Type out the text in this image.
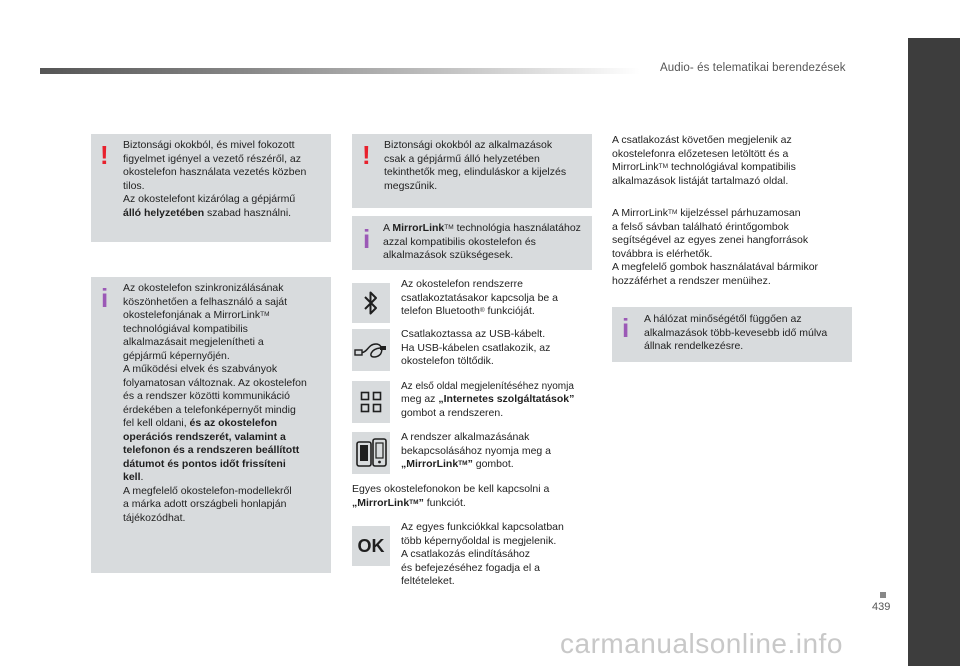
Audio- és telematikai berendezések
439
! Biztonsági okokból, és mivel fokozott

figyelmet igényel a vezető részéről, az

okostelefon használata vezetés közben

tilos.

Az okostelefont kizárólag a gépjármű

álló helyzetében szabad használni.

i Az okostelefon szinkronizálásának

köszönhetően a felhasználó a saját

okostelefonjának a MirrorLink™

technológiával kompatibilis

alkalmazásait megjelenítheti a

gépjármű képernyőjén.

A működési elvek és szabványok

folyamatosan változnak. Az okostelefon

és a rendszer közötti kommunikáció

érdekében a telefonképernyőt mindig

fel kell oldani, és az okostelefon

operációs rendszerét, valamint a

telefonon és a rendszeren beállított

dátumot és pontos időt frissíteni

kell.

A megfelelő okostelefon-modellekről

a márka adott országbeli honlapján

tájékozódhat.

! Biztonsági okokból az alkalmazások

csak a gépjármű álló helyzetében

tekinthetők meg, elinduláskor a kijelzés

megszűnik.

i A MirrorLink™ technológia használatához

azzal kompatibilis okostelefon és

alkalmazások szükségesek.

Az okostelefon rendszerre

csatlakoztatásakor kapcsolja be a

telefon Bluetooth® funkcióját.

Csatlakoztassa az USB-kábelt.

Ha USB-kábelen csatlakozik, az

okostelefon töltődik.

Az első oldal megjelenítéséhez nyomja

meg az „Internetes szolgáltatások”

gombot a rendszeren.

A rendszer alkalmazásának

bekapcsolásához nyomja meg a

„MirrorLink™” gombot.

Egyes okostelefonokon be kell kapcsolni a

„MirrorLink™” funkciót.

OK

Az egyes funkciókkal kapcsolatban

több képernyőoldal is megjelenik.

A csatlakozás elindításához

és befejezéséhez fogadja el a

feltételeket.

A csatlakozást követően megjelenik az

okostelefonra előzetesen letöltött és a

MirrorLink™ technológiával kompatibilis

alkalmazások listáját tartalmazó oldal.

A MirrorLink™ kijelzéssel párhuzamosan

a felső sávban található érintőgombok

segítségével az egyes zenei hangforrások

továbbra is elérhetők.

A megfelelő gombok használatával bármikor

hozzáférhet a rendszer menüihez.

i A hálózat minőségétől függően az

alkalmazások több-kevesebb idő múlva

állnak rendelkezésre.

carmanualsonline.info
